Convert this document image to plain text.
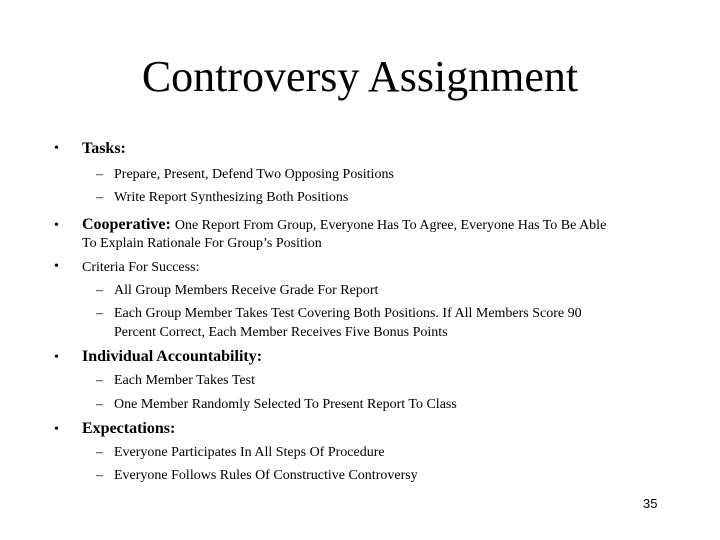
Controversy Assignment
• Tasks:
– Prepare, Present, Defend Two Opposing Positions
– Write Report Synthesizing Both Positions
• Cooperative: One Report From Group, Everyone Has To Agree, Everyone Has To Be Able
To Explain Rationale For Group’s Position
• Criteria For Success:
– All Group Members Receive Grade For Report
– Each Group Member Takes Test Covering Both Positions. If All Members Score 90
Percent Correct, Each Member Receives Five Bonus Points
• Individual Accountability:
– Each Member Takes Test
– One Member Randomly Selected To Present Report To Class
• Expectations:
– Everyone Participates In All Steps Of Procedure
– Everyone Follows Rules Of Constructive Controversy
35
